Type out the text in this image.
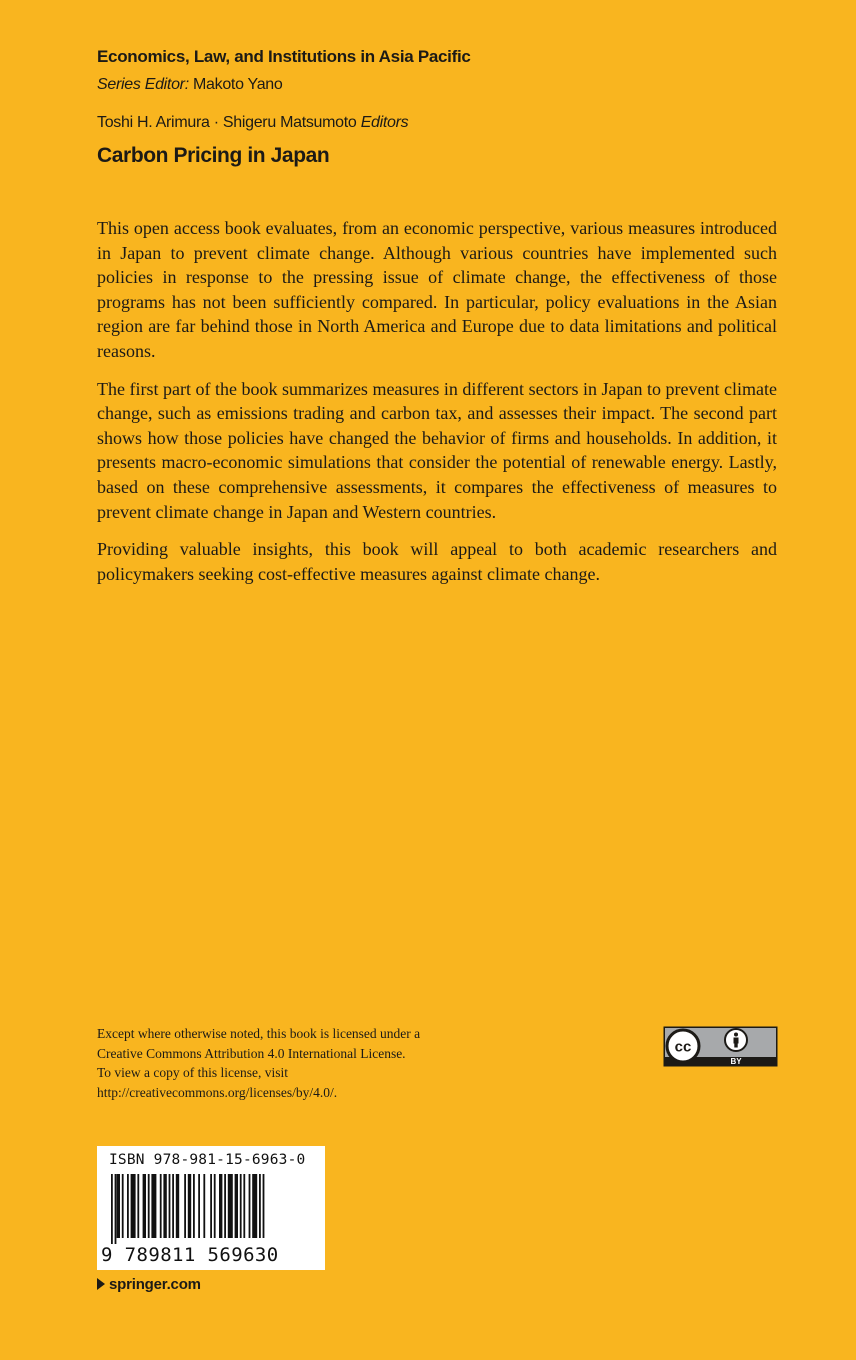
Economics, Law, and Institutions in Asia Pacific
Series Editor: Makoto Yano
Toshi H. Arimura · Shigeru Matsumoto Editors
Carbon Pricing in Japan

This open access book evaluates, from an economic perspective, various measures introduced in Japan to prevent climate change. Although various countries have implemented such policies in response to the pressing issue of climate change, the effectiveness of those programs has not been sufficiently compared. In particular, policy evaluations in the Asian region are far behind those in North America and Europe due to data limitations and political reasons.

The first part of the book summarizes measures in different sectors in Japan to prevent climate change, such as emissions trading and carbon tax, and assesses their impact. The second part shows how those policies have changed the behavior of firms and households. In addition, it presents macro-economic simulations that consider the potential of renewable energy. Lastly, based on these comprehensive assessments, it compares the effectiveness of measures to prevent climate change in Japan and Western countries.

Providing valuable insights, this book will appeal to both academic researchers and policymakers seeking cost-effective measures against climate change.

Except where otherwise noted, this book is licensed under a
Creative Commons Attribution 4.0 International License.
To view a copy of this license, visit
http://creativecommons.org/licenses/by/4.0/.
cc
BY
ISBN 978-981-15-6963-0
9 789811 569630
springer.com
